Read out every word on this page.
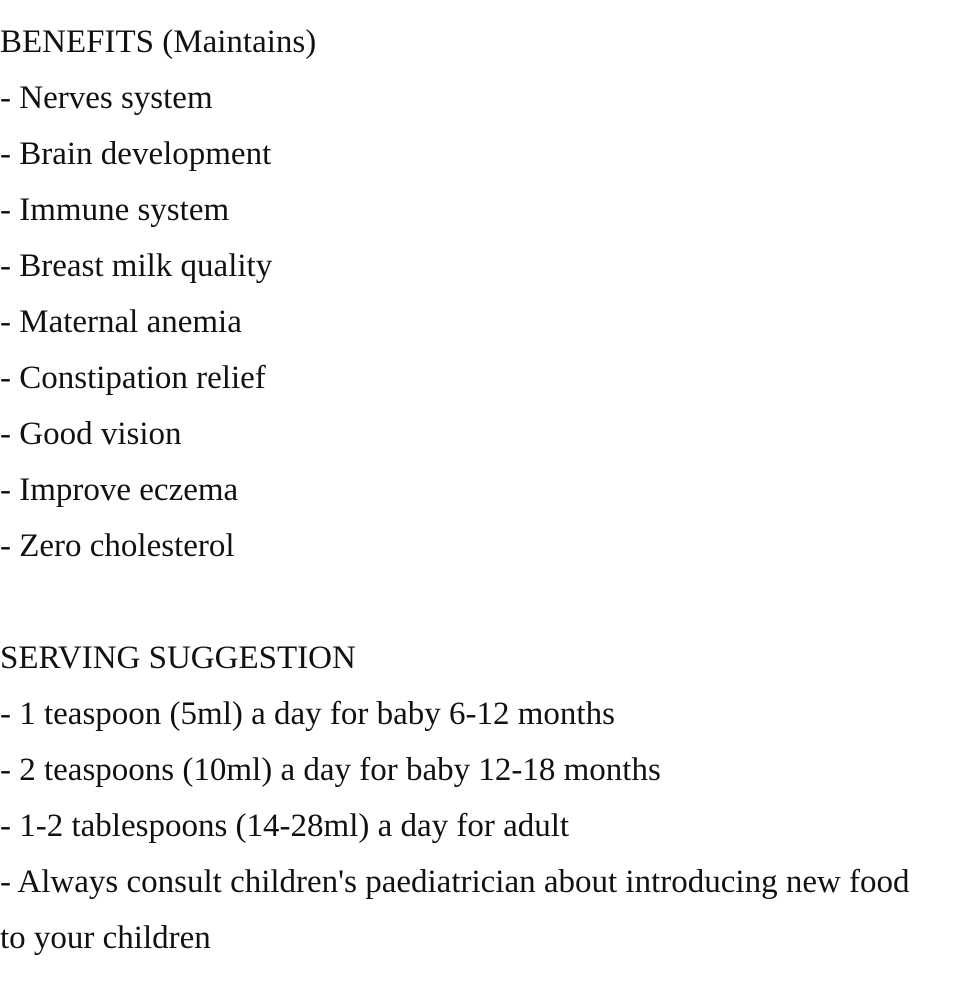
BENEFITS (Maintains)

- Nerves system

- Brain development

- Immune system

- Breast milk quality

- Maternal anemia

- Constipation relief

- Good vision

- Improve eczema

- Zero cholesterol

SERVING SUGGESTION

- 1 teaspoon (5ml) a day for baby 6-12 months

- 2 teaspoons (10ml) a day for baby 12-18 months

- 1-2 tablespoons (14-28ml) a day for adult

- Always consult children's paediatrician about introducing new food to your children
